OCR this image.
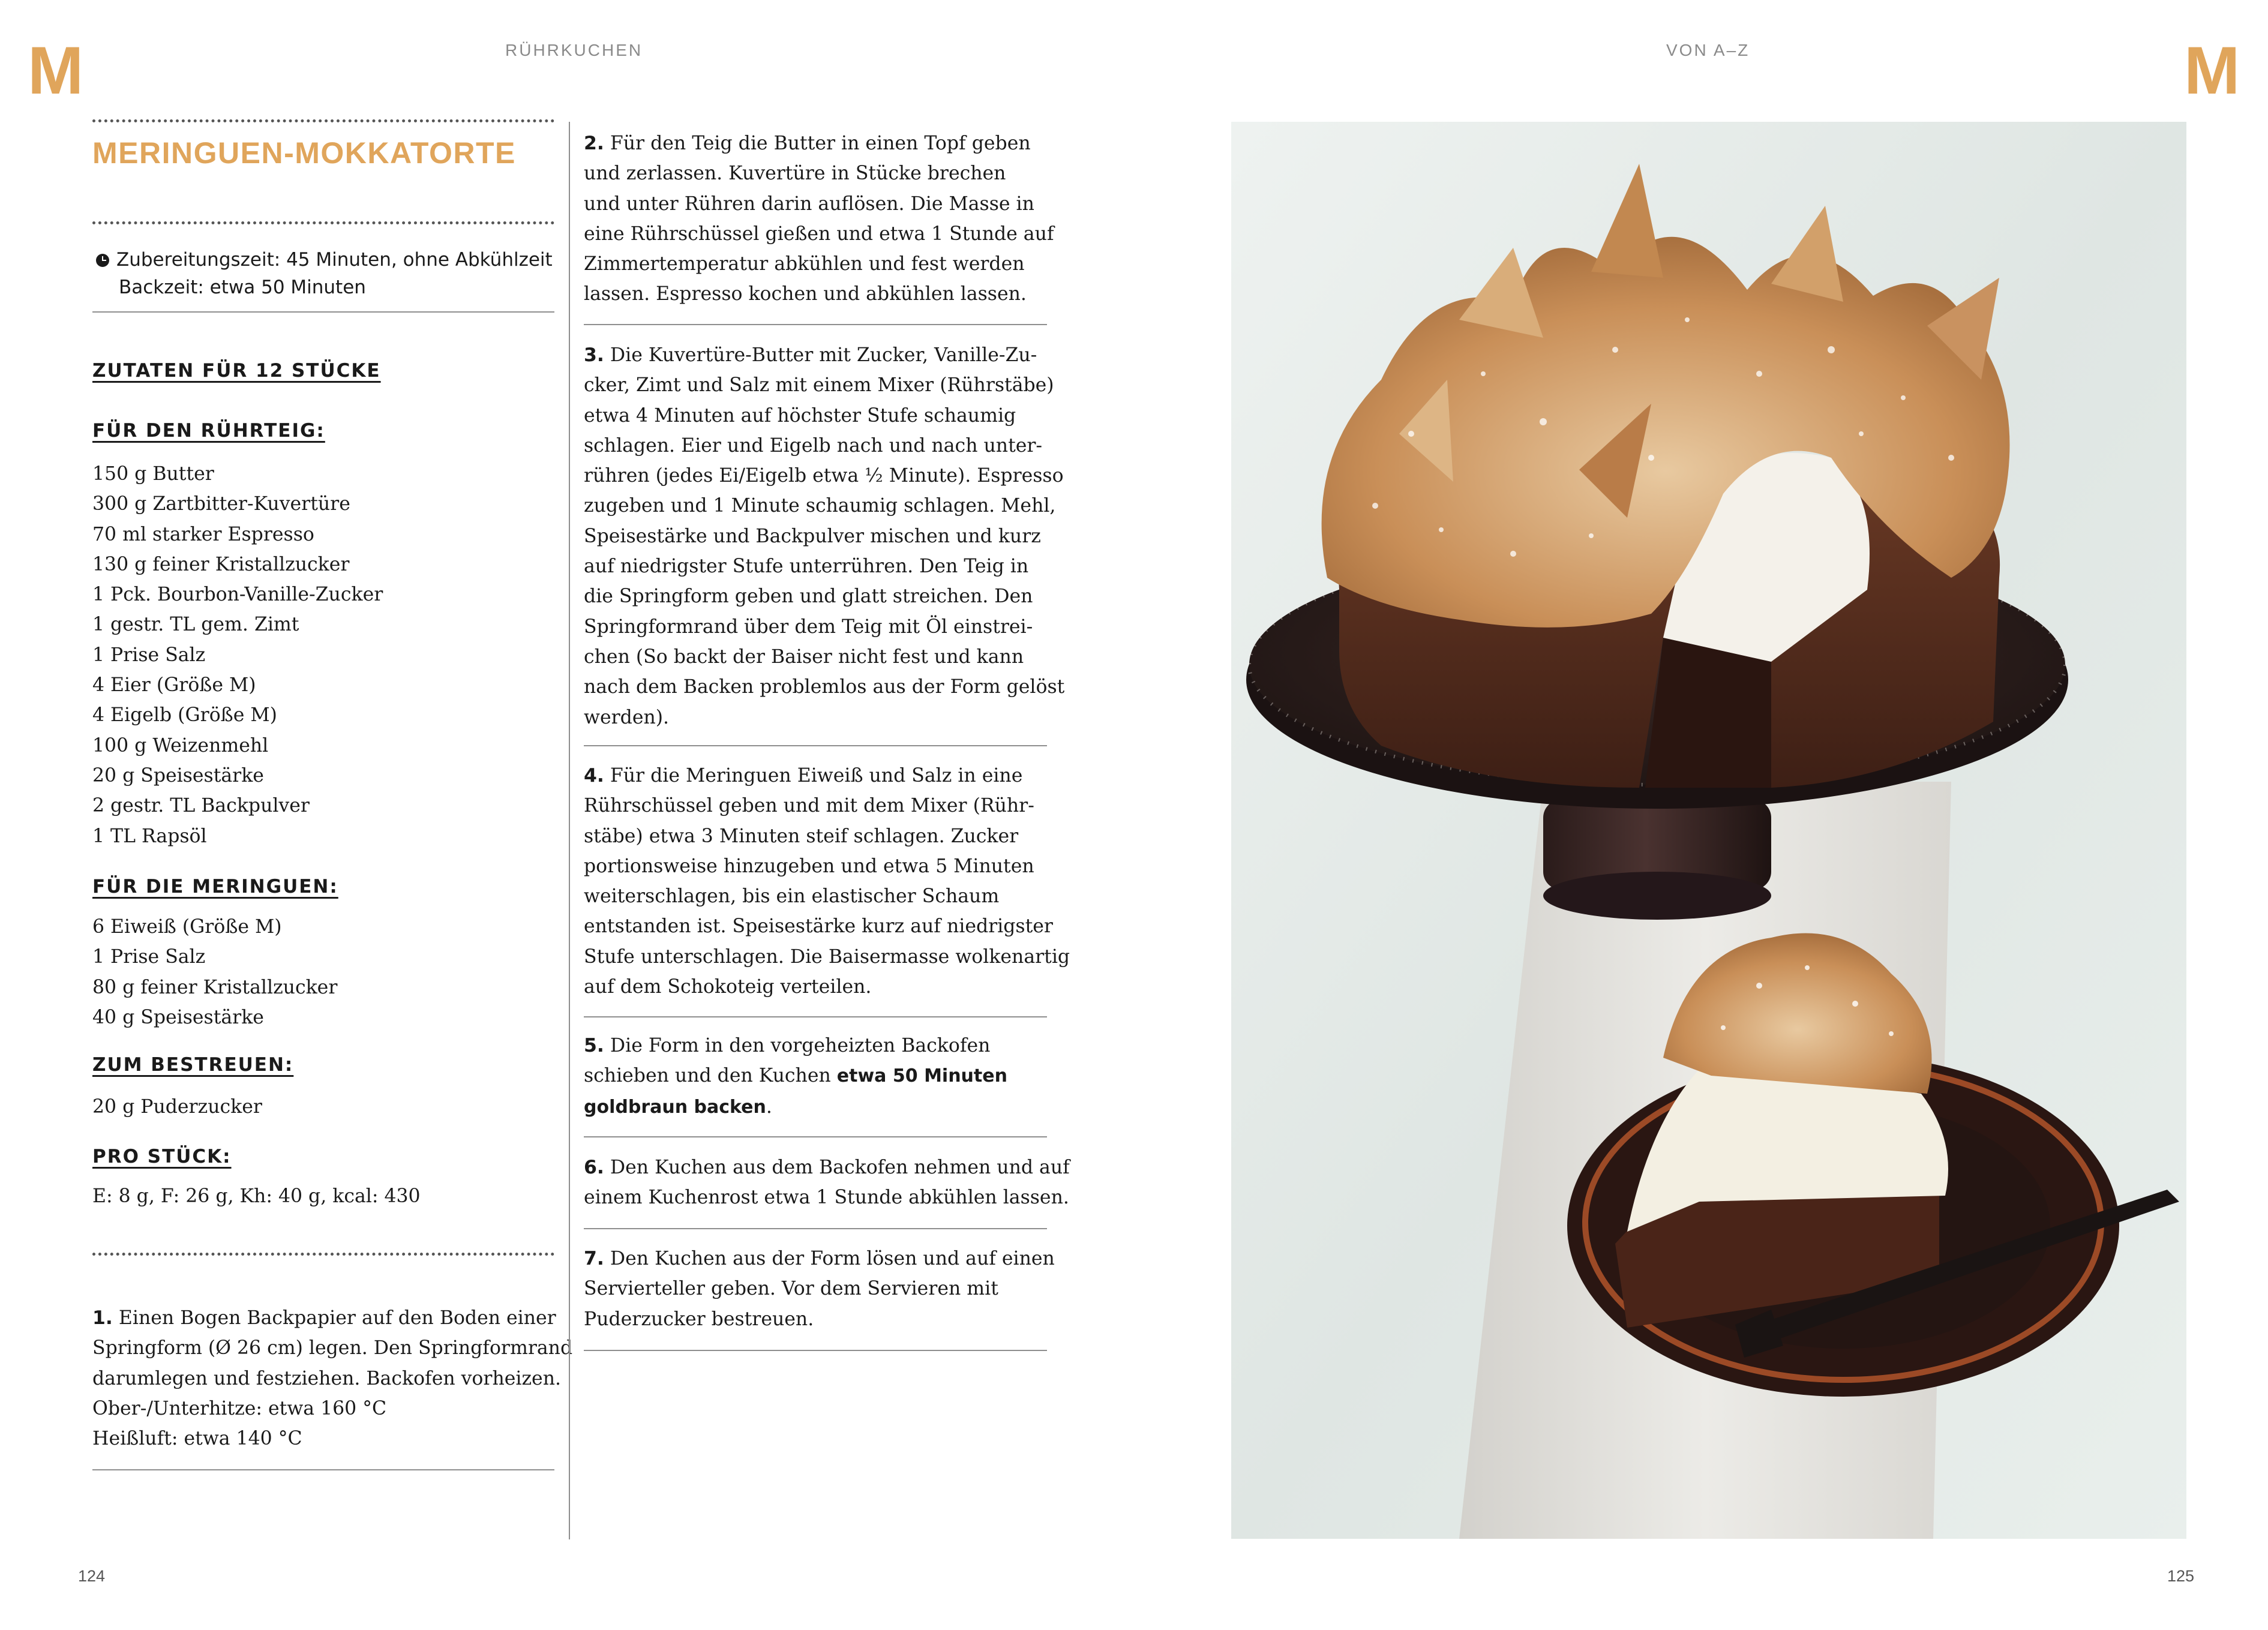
M	RÜHRKUCHEN	VON A–Z	M
MERINGUEN-MOKKATORTE
Zubereitungszeit: 45 Minuten, ohne Abkühlzeit
Backzeit: etwa 50 Minuten
ZUTATEN FÜR 12 STÜCKE
FÜR DEN RÜHRTEIG:
150 g Butter
300 g Zartbitter-Kuvertüre
70 ml starker Espresso
130 g feiner Kristallzucker
1 Pck. Bourbon-Vanille-Zucker
1 gestr. TL gem. Zimt
1 Prise Salz
4 Eier (Größe M)
4 Eigelb (Größe M)
100 g Weizenmehl
20 g Speisestärke
2 gestr. TL Backpulver
1 TL Rapsöl
FÜR DIE MERINGUEN:
6 Eiweiß (Größe M)
1 Prise Salz
80 g feiner Kristallzucker
40 g Speisestärke
ZUM BESTREUEN:
20 g Puderzucker
PRO STÜCK:
E: 8 g, F: 26 g, Kh: 40 g, kcal: 430
1. Einen Bogen Backpapier auf den Boden einer
Springform (Ø 26 cm) legen. Den Springformrand
darumlegen und festziehen. Backofen vorheizen.
Ober-/Unterhitze: etwa 160 °C
Heißluft: etwa 140 °C
2. Für den Teig die Butter in einen Topf geben
und zerlassen. Kuvertüre in Stücke brechen
und unter Rühren darin auflösen. Die Masse in
eine Rührschüssel gießen und etwa 1 Stunde auf
Zimmertemperatur abkühlen und fest werden
lassen. Espresso kochen und abkühlen lassen.
3. Die Kuvertüre-Butter mit Zucker, Vanille-Zu-
cker, Zimt und Salz mit einem Mixer (Rührstäbe)
etwa 4 Minuten auf höchster Stufe schaumig
schlagen. Eier und Eigelb nach und nach unter-
rühren (jedes Ei/Eigelb etwa ½ Minute). Espresso
zugeben und 1 Minute schaumig schlagen. Mehl,
Speisestärke und Backpulver mischen und kurz
auf niedrigster Stufe unterrühren. Den Teig in
die Springform geben und glatt streichen. Den
Springformrand über dem Teig mit Öl einstrei-
chen (So backt der Baiser nicht fest und kann
nach dem Backen problemlos aus der Form gelöst
werden).
4. Für die Meringuen Eiweiß und Salz in eine
Rührschüssel geben und mit dem Mixer (Rühr-
stäbe) etwa 3 Minuten steif schlagen. Zucker
portionsweise hinzugeben und etwa 5 Minuten
weiterschlagen, bis ein elastischer Schaum
entstanden ist. Speisestärke kurz auf niedrigster
Stufe unterschlagen. Die Baisermasse wolkenartig
auf dem Schokoteig verteilen.
5. Die Form in den vorgeheizten Backofen
schieben und den Kuchen etwa 50 Minuten
goldbraun backen.
6. Den Kuchen aus dem Backofen nehmen und auf
einem Kuchenrost etwa 1 Stunde abkühlen lassen.
7. Den Kuchen aus der Form lösen und auf einen
Servierteller geben. Vor dem Servieren mit
Puderzucker bestreuen.
124	125
